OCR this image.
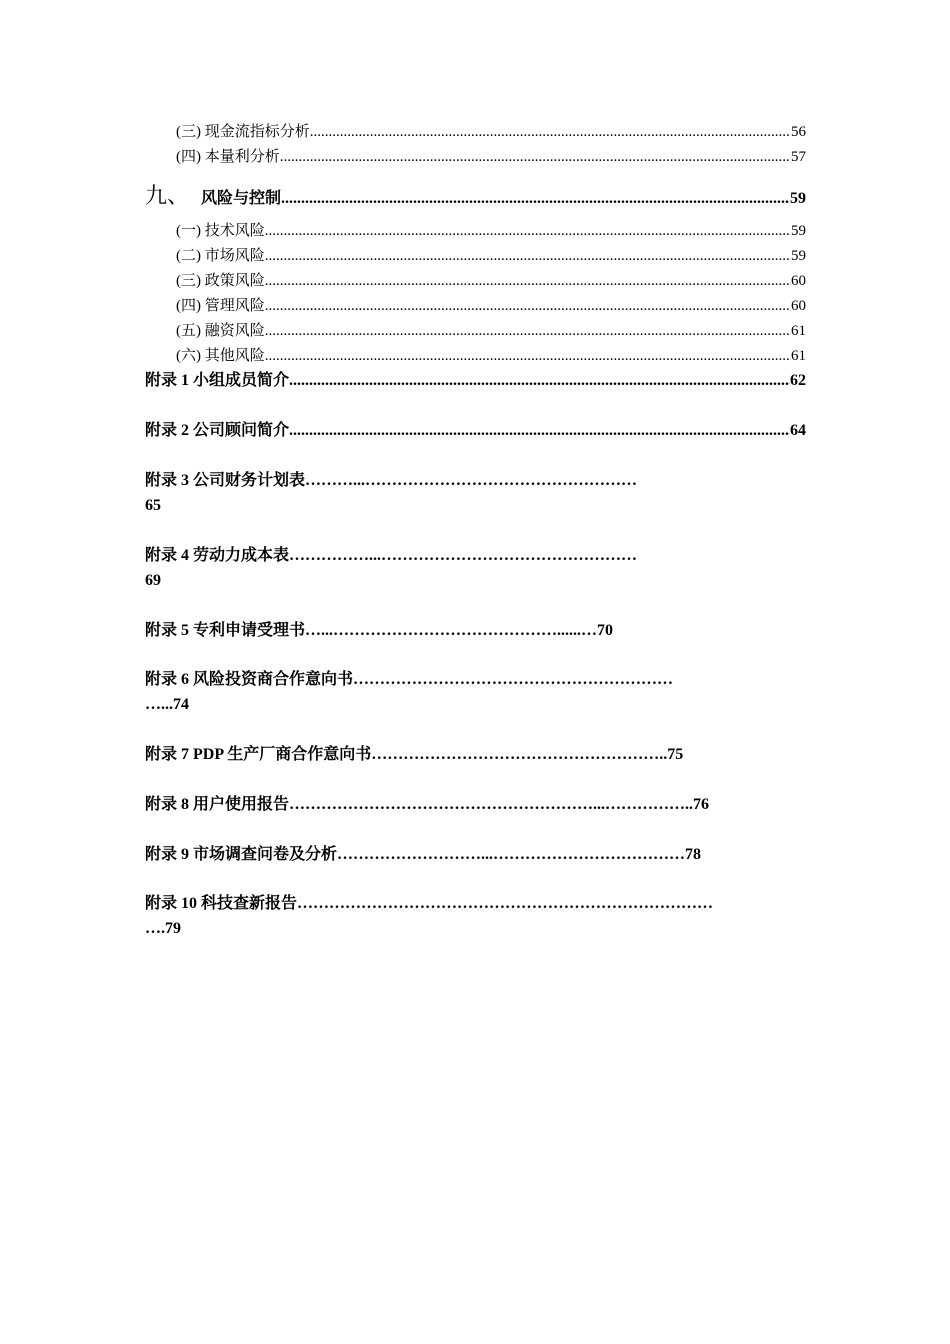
(三) 现金流指标分析 .....	56
(四) 本量利分析 .....	57
九、 风险与控制 .....	59
(一) 技术风险 .....	59
(二) 市场风险 .....	59
(三) 政策风险 .....	60
(四) 管理风险 .....	60
(五) 融资风险 .....	61
(六) 其他风险 .....	61
附录 1 小组成员简介 .....	62
附录 2 公司顾问简介 .....	64
附录 3 公司财务计划表………...……………………………………………
65
附录 4 劳动力成本表……………...…………………………………………
69
附录 5 专利申请受理书…...……………………………………......…70
附录 6 风险投资商合作意向书……………………………………………………
…...74
附录 7 PDP 生产厂商合作意向书………………………………………………..75
附录 8 用户使用报告…………………………………………………...……………..76
附录 9 市场调查问卷及分析………………………...………………………………78
附录 10 科技查新报告……………………………………………………………………
….79
